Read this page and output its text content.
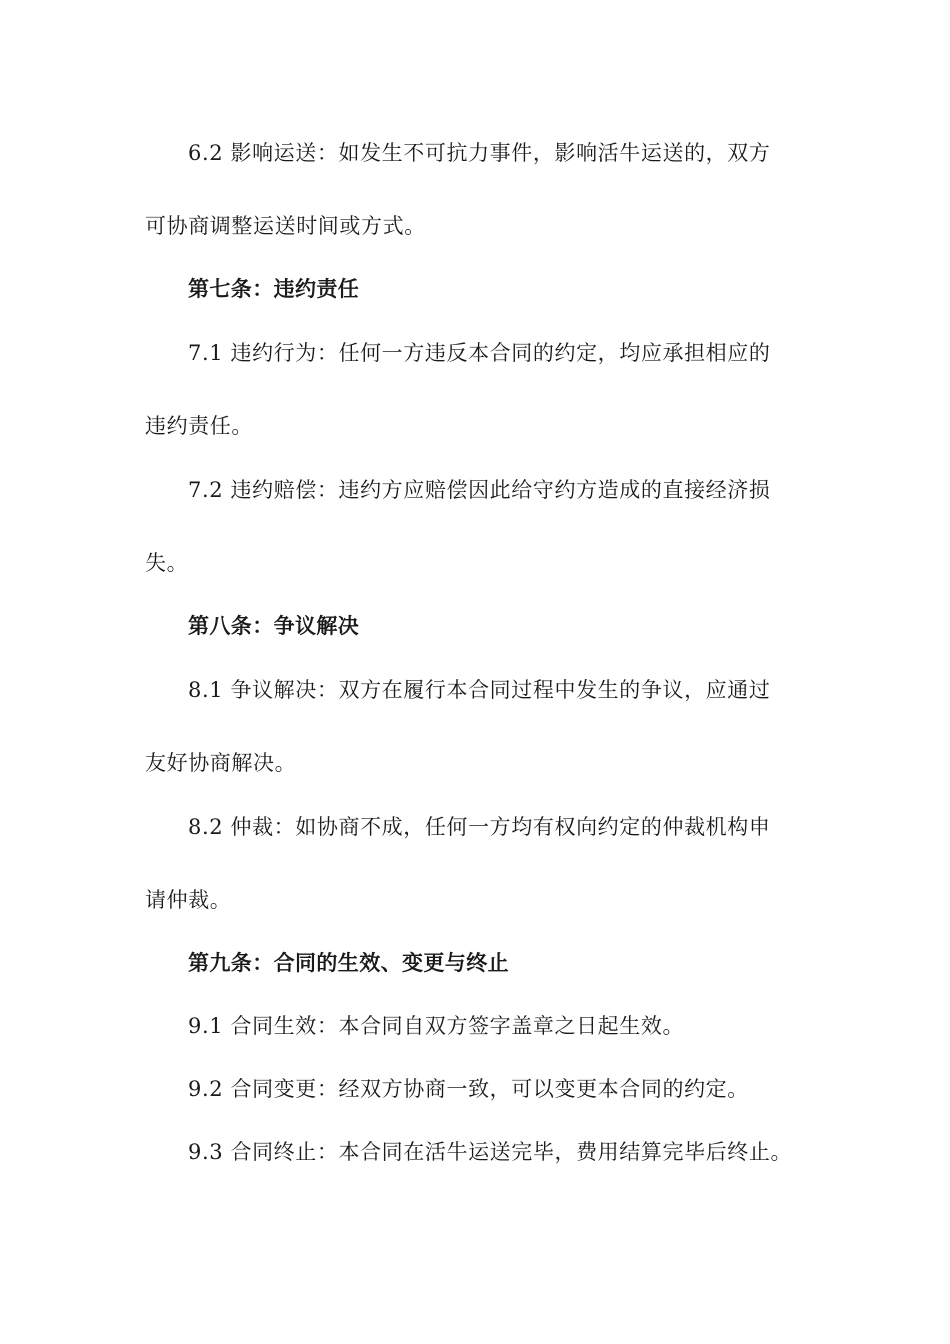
6.2 影响运送：如发生不可抗力事件，影响活牛运送的，双方
可协商调整运送时间或方式。
第七条：违约责任
7.1 违约行为：任何一方违反本合同的约定，均应承担相应的
违约责任。
7.2 违约赔偿：违约方应赔偿因此给守约方造成的直接经济损
失。
第八条：争议解决
8.1 争议解决：双方在履行本合同过程中发生的争议，应通过
友好协商解决。
8.2 仲裁：如协商不成，任何一方均有权向约定的仲裁机构申
请仲裁。
第九条：合同的生效、变更与终止
9.1 合同生效：本合同自双方签字盖章之日起生效。
9.2 合同变更：经双方协商一致，可以变更本合同的约定。
9.3 合同终止：本合同在活牛运送完毕，费用结算完毕后终止。
